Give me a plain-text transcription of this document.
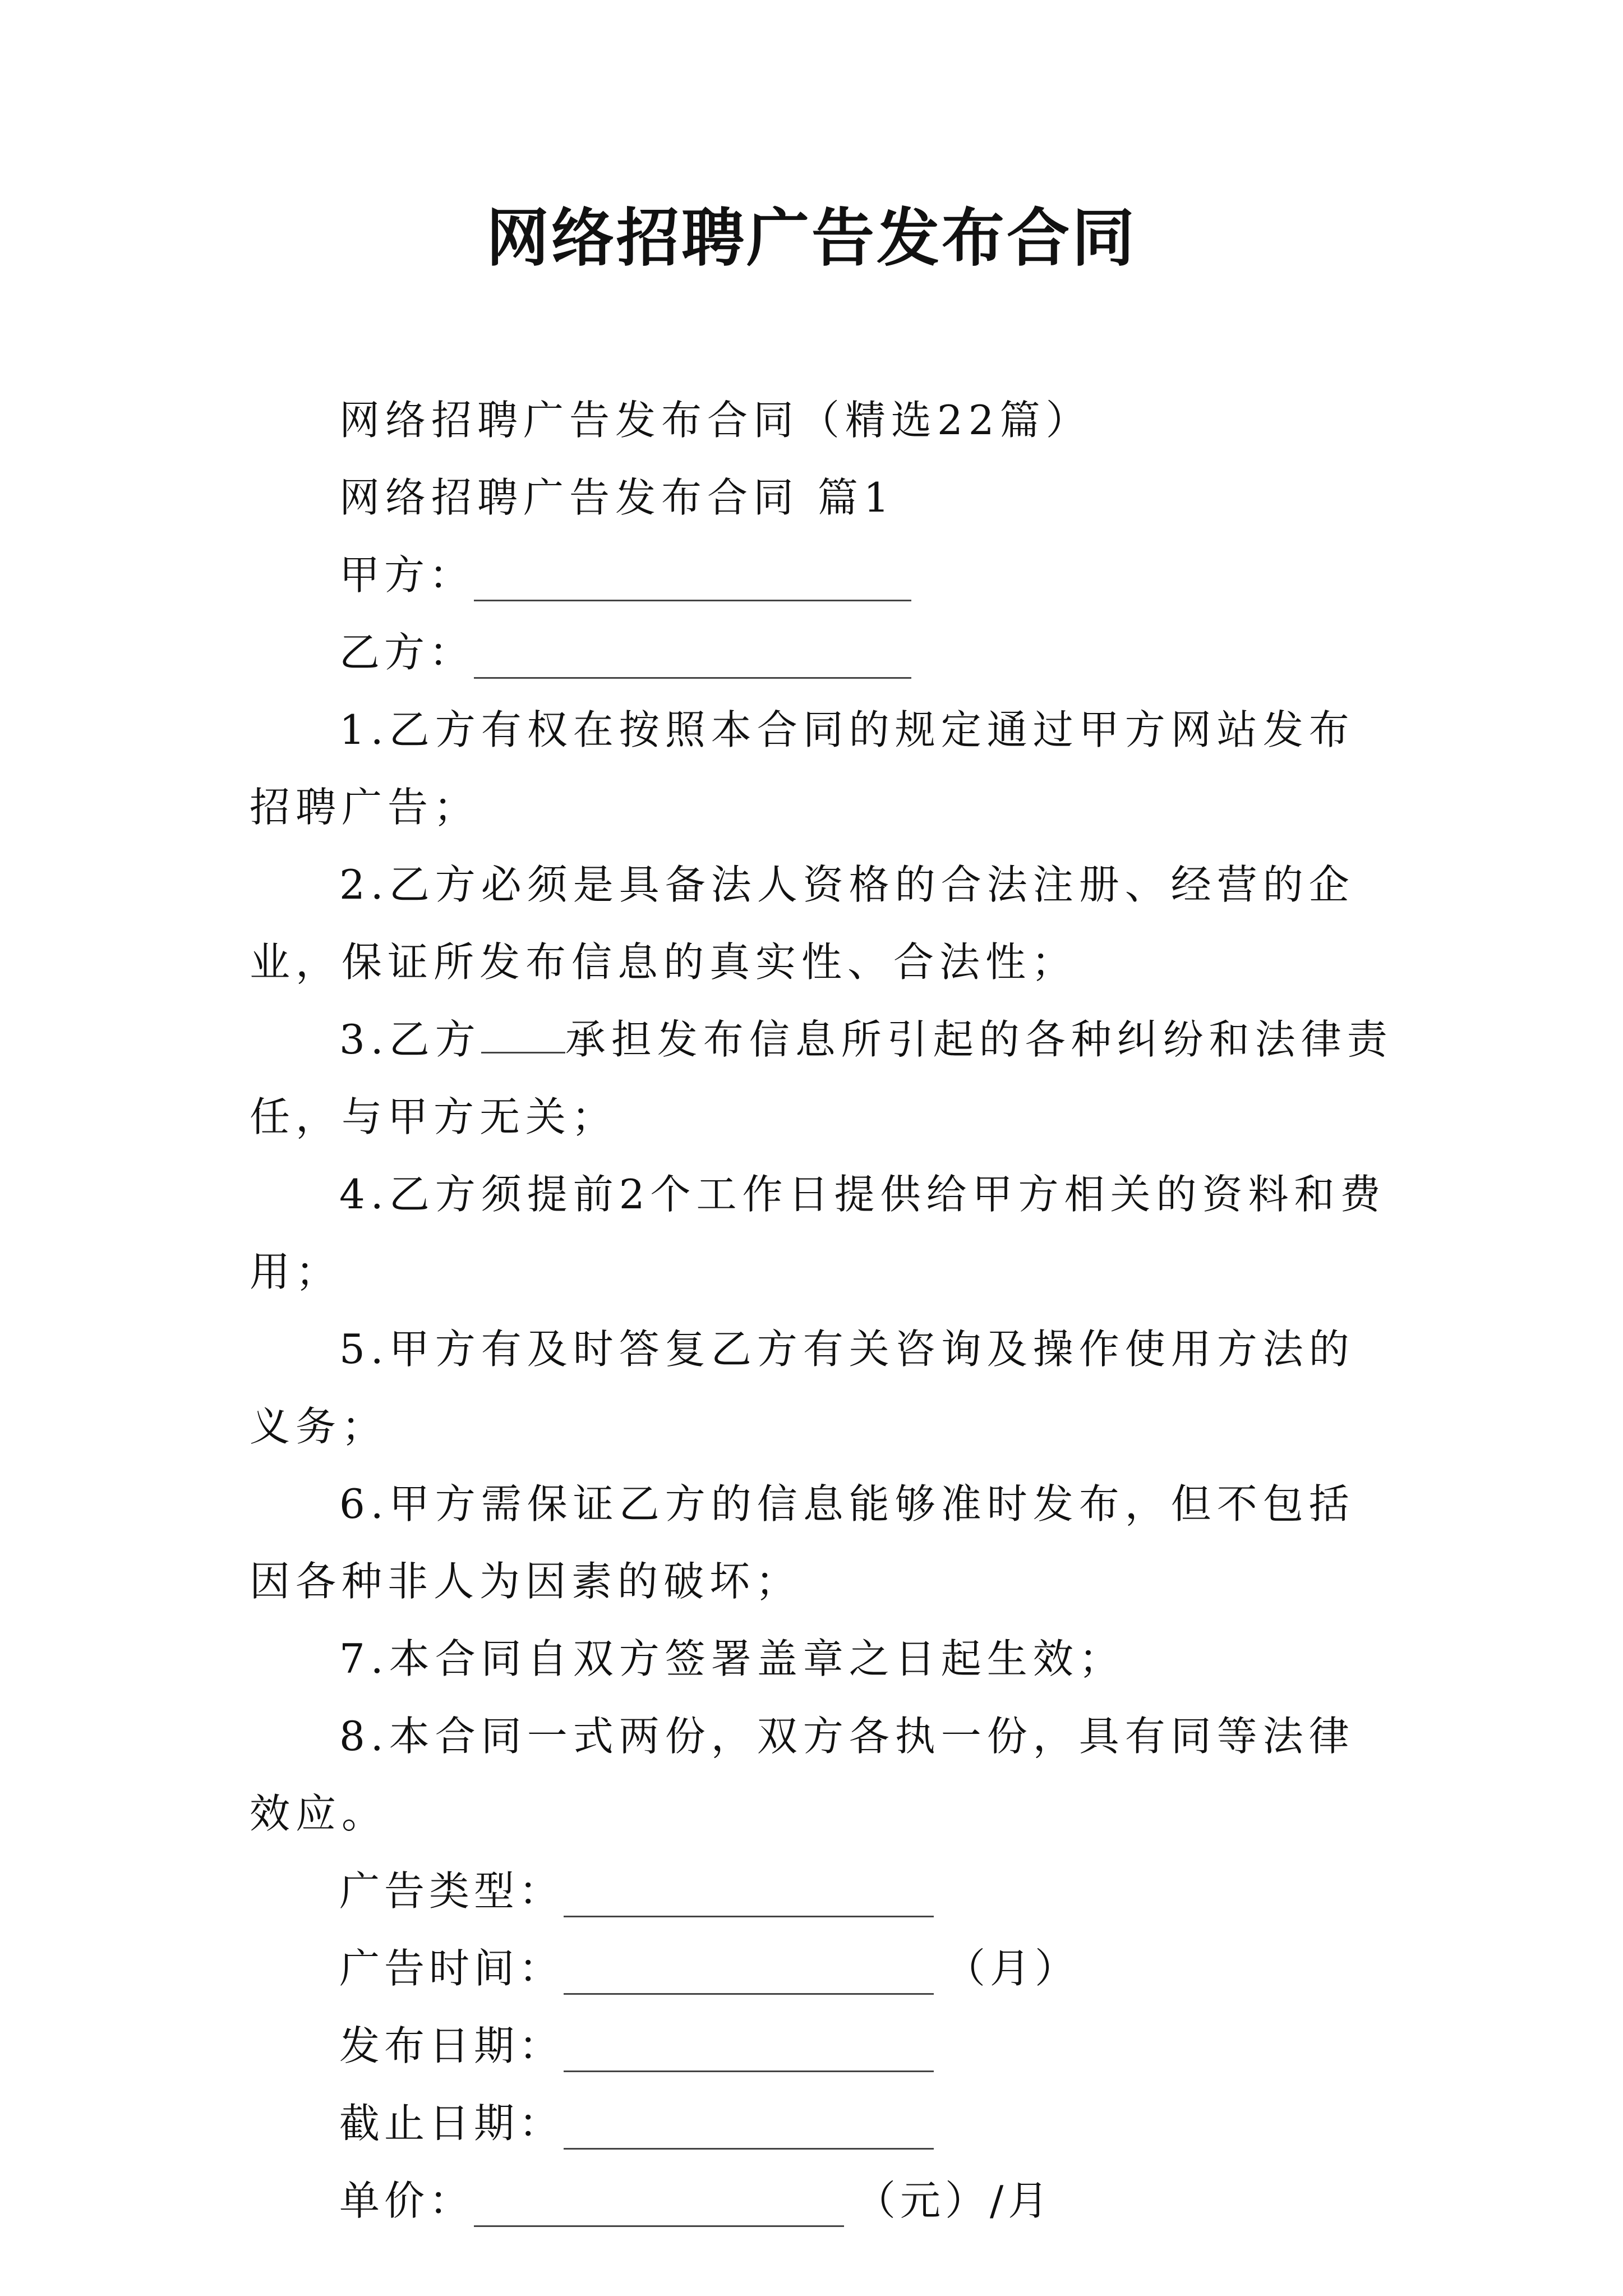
网络招聘广告发布合同

网络招聘广告发布合同（精选22篇）

网络招聘广告发布合同 篇1

甲方：
乙方：

1.乙方有权在按照本合同的规定通过甲方网站发布招聘广告；

2.乙方必须是具备法人资格的合法注册、经营的企业，保证所发布信息的真实性、合法性；

3.乙方 承担发布信息所引起的各种纠纷和法律责任，与甲方无关；

4.乙方须提前2个工作日提供给甲方相关的资料和费用；

5.甲方有及时答复乙方有关咨询及操作使用方法的义务；

6.甲方需保证乙方的信息能够准时发布，但不包括因各种非人为因素的破坏；

7.本合同自双方签署盖章之日起生效；

8.本合同一式两份，双方各执一份，具有同等法律效应。

广告类型：
广告时间：	（月）
发布日期：
截止日期：
单价：	（元）/月
